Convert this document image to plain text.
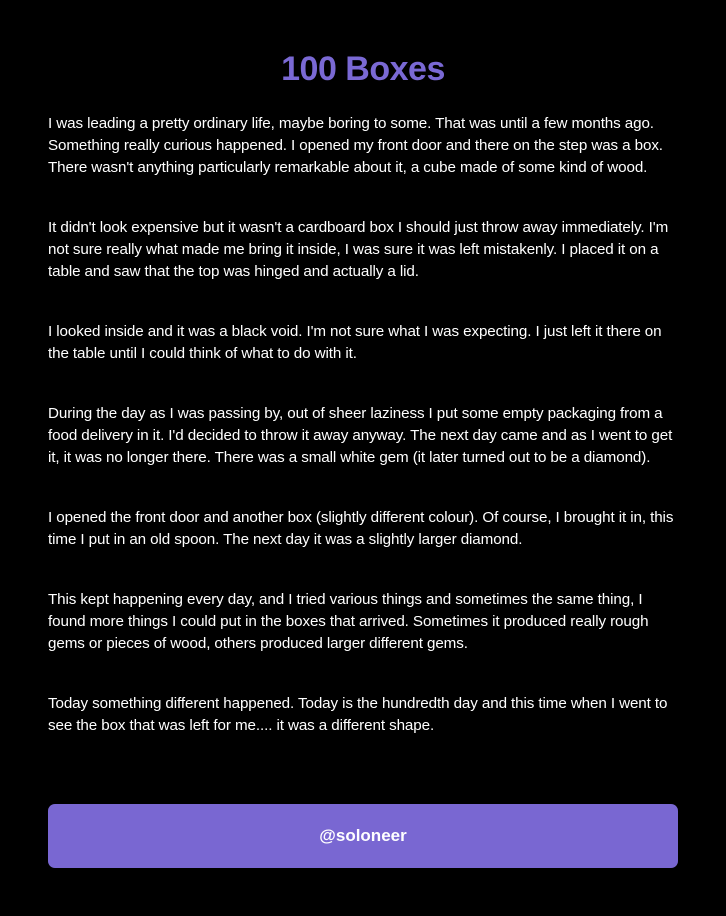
100 Boxes

I was leading a pretty ordinary life, maybe boring to some. That was until a few months ago. Something really curious happened. I opened my front door and there on the step was a box. There wasn't anything particularly remarkable about it, a cube made of some kind of wood.

It didn't look expensive but it wasn't a cardboard box I should just throw away immediately. I'm not sure really what made me bring it inside, I was sure it was left mistakenly. I placed it on a table and saw that the top was hinged and actually a lid.

I looked inside and it was a black void. I'm not sure what I was expecting. I just left it there on the table until I could think of what to do with it.

During the day as I was passing by, out of sheer laziness I put some empty packaging from a food delivery in it. I'd decided to throw it away anyway. The next day came and as I went to get it, it was no longer there. There was a small white gem (it later turned out to be a diamond).

I opened the front door and another box (slightly different colour). Of course, I brought it in, this time I put in an old spoon. The next day it was a slightly larger diamond.

This kept happening every day, and I tried various things and sometimes the same thing, I found more things I could put in the boxes that arrived. Sometimes it produced really rough gems or pieces of wood, others produced larger different gems.

Today something different happened. Today is the hundredth day and this time when I went to see the box that was left for me.... it was a different shape.

@soloneer
